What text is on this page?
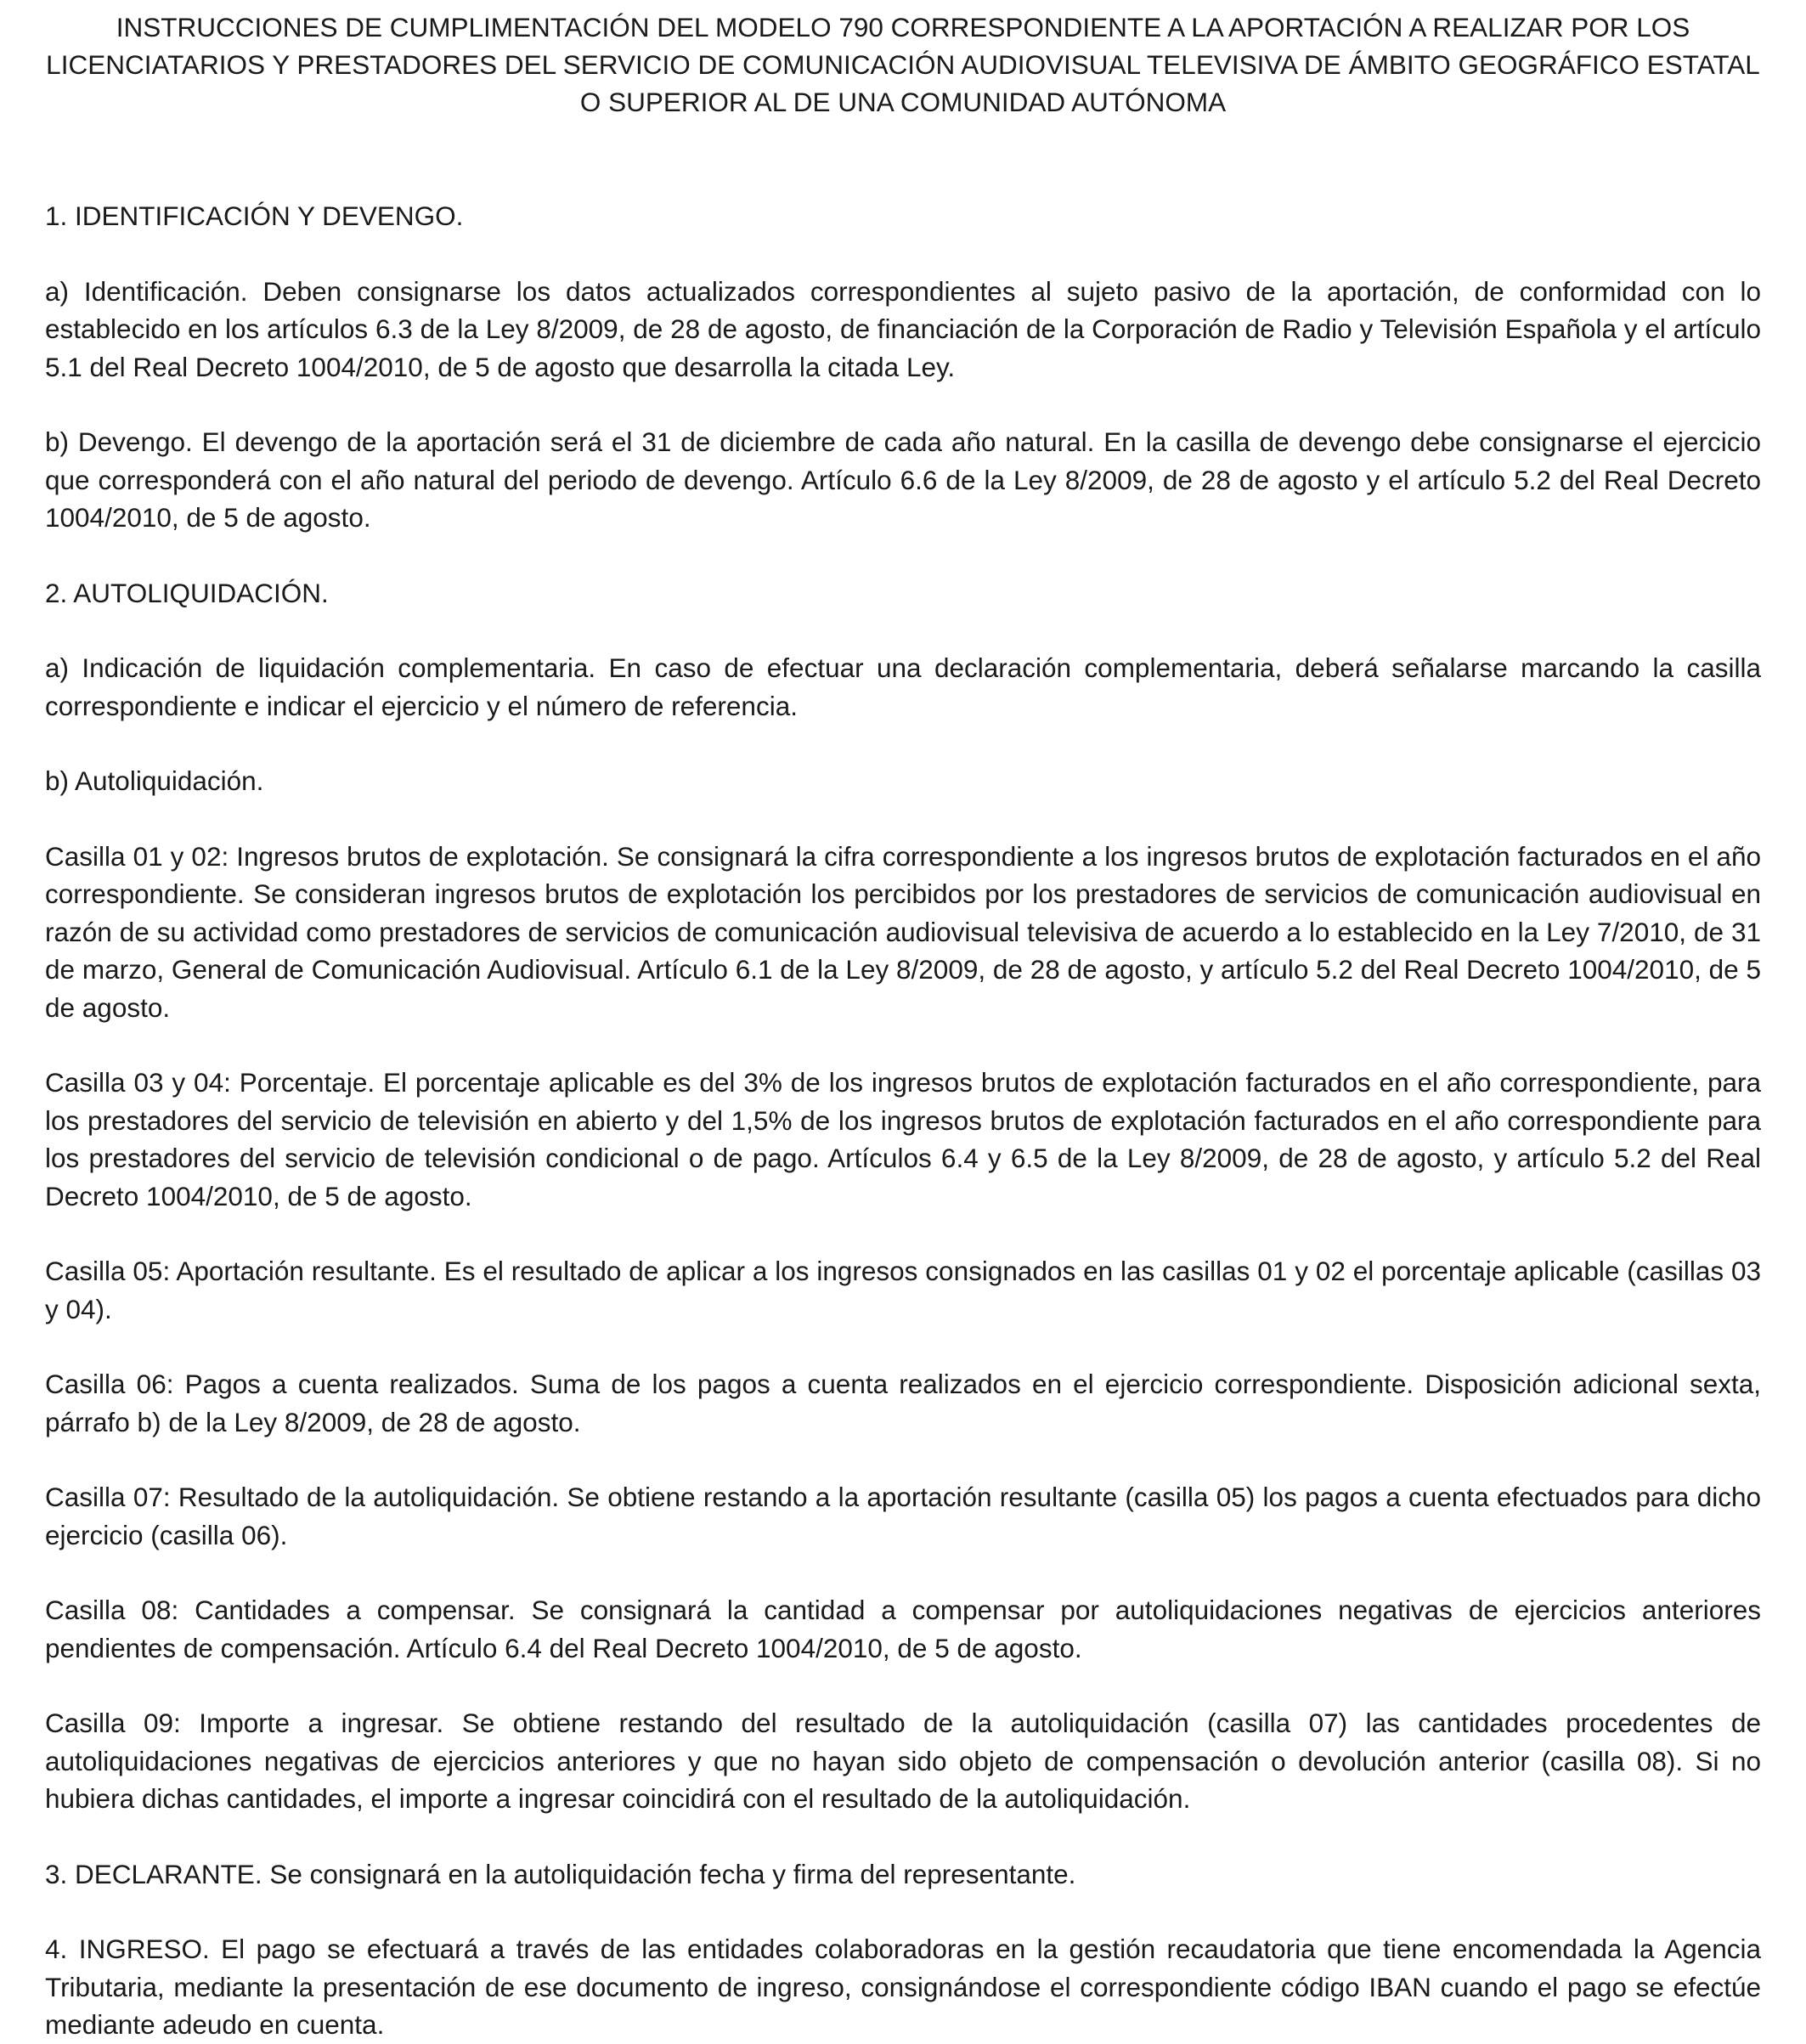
INSTRUCCIONES DE CUMPLIMENTACIÓN DEL MODELO 790 CORRESPONDIENTE A LA APORTACIÓN A REALIZAR POR LOS LICENCIATARIOS Y PRESTADORES DEL SERVICIO DE COMUNICACIÓN AUDIOVISUAL TELEVISIVA DE ÁMBITO GEOGRÁFICO ESTATAL O SUPERIOR AL DE UNA COMUNIDAD AUTÓNOMA

1. IDENTIFICACIÓN Y DEVENGO.

a) Identificación. Deben consignarse los datos actualizados correspondientes al sujeto pasivo de la aportación, de conformidad con lo establecido en los artículos 6.3 de la Ley 8/2009, de 28 de agosto, de financiación de la Corporación de Radio y Televisión Española y el artículo 5.1 del Real Decreto 1004/2010, de 5 de agosto que desarrolla la citada Ley.

b) Devengo. El devengo de la aportación será el 31 de diciembre de cada año natural. En la casilla de devengo debe consignarse el ejercicio que corresponderá con el año natural del periodo de devengo. Artículo 6.6 de la Ley 8/2009, de 28 de agosto y el artículo 5.2 del Real Decreto 1004/2010, de 5 de agosto.

2. AUTOLIQUIDACIÓN.

a) Indicación de liquidación complementaria. En caso de efectuar una declaración complementaria, deberá señalarse marcando la casilla correspondiente e indicar el ejercicio y el número de referencia.

b) Autoliquidación.

Casilla 01 y 02: Ingresos brutos de explotación. Se consignará la cifra correspondiente a los ingresos brutos de explotación facturados en el año correspondiente. Se consideran ingresos brutos de explotación los percibidos por los prestadores de servicios de comunicación audiovisual en razón de su actividad como prestadores de servicios de comunicación audiovisual televisiva de acuerdo a lo establecido en la Ley 7/2010, de 31 de marzo, General de Comunicación Audiovisual. Artículo 6.1 de la Ley 8/2009, de 28 de agosto, y artículo 5.2 del Real Decreto 1004/2010, de 5 de agosto.

Casilla 03 y 04: Porcentaje. El porcentaje aplicable es del 3% de los ingresos brutos de explotación facturados en el año correspondiente, para los prestadores del servicio de televisión en abierto y del 1,5% de los ingresos brutos de explotación facturados en el año correspondiente para los prestadores del servicio de televisión condicional o de pago. Artículos 6.4 y 6.5 de la Ley 8/2009, de 28 de agosto, y artículo 5.2 del Real Decreto 1004/2010, de 5 de agosto.

Casilla 05: Aportación resultante. Es el resultado de aplicar a los ingresos consignados en las casillas 01 y 02 el porcentaje aplicable (casillas 03 y 04).

Casilla 06: Pagos a cuenta realizados. Suma de los pagos a cuenta realizados en el ejercicio correspondiente. Disposición adicional sexta, párrafo b) de la Ley 8/2009, de 28 de agosto.

Casilla 07: Resultado de la autoliquidación. Se obtiene restando a la aportación resultante (casilla 05) los pagos a cuenta efectuados para dicho ejercicio (casilla 06).

Casilla 08: Cantidades a compensar. Se consignará la cantidad a compensar por autoliquidaciones negativas de ejercicios anteriores pendientes de compensación. Artículo 6.4 del Real Decreto 1004/2010, de 5 de agosto.

Casilla 09: Importe a ingresar. Se obtiene restando del resultado de la autoliquidación (casilla 07) las cantidades procedentes de autoliquidaciones negativas de ejercicios anteriores y que no hayan sido objeto de compensación o devolución anterior (casilla 08). Si no hubiera dichas cantidades, el importe a ingresar coincidirá con el resultado de la autoliquidación.

3. DECLARANTE. Se consignará en la autoliquidación fecha y firma del representante.

4. INGRESO. El pago se efectuará a través de las entidades colaboradoras en la gestión recaudatoria que tiene encomendada la Agencia Tributaria, mediante la presentación de ese documento de ingreso, consignándose el correspondiente código IBAN cuando el pago se efectúe mediante adeudo en cuenta.
